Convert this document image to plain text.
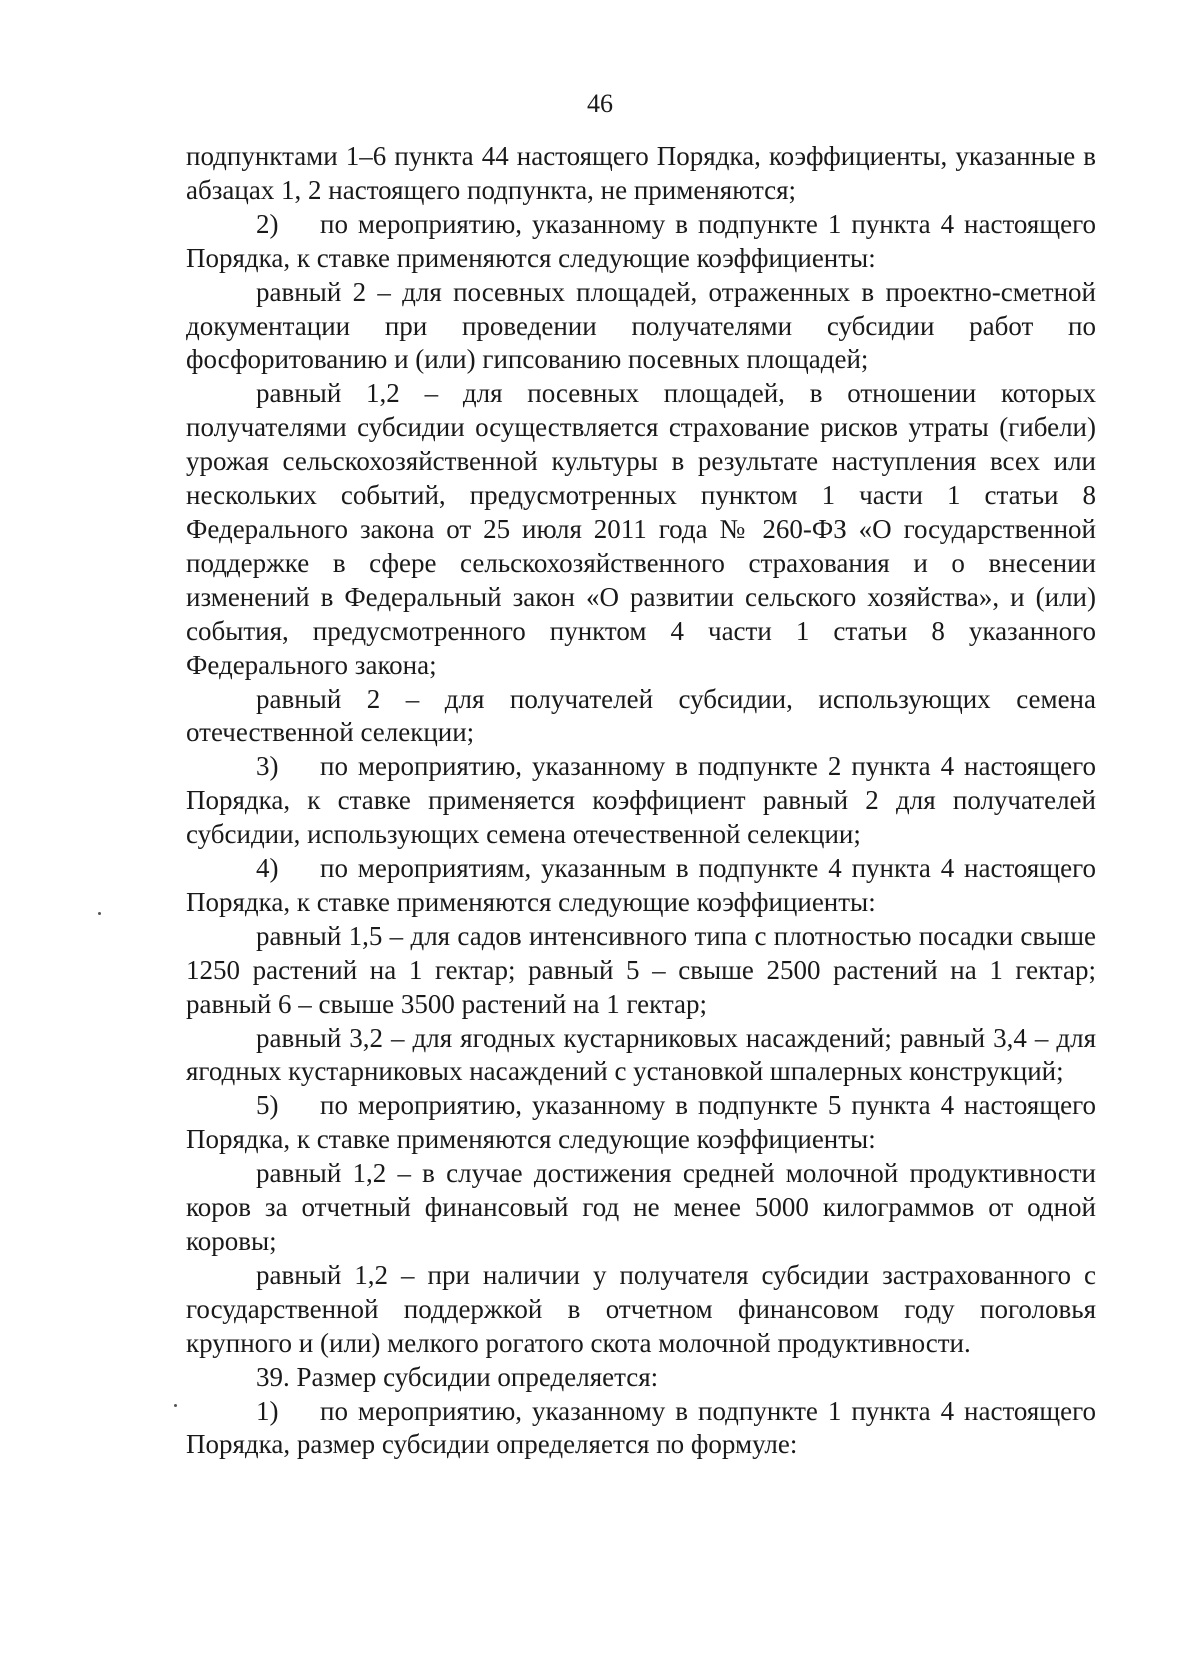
46

подпунктами 1–6 пункта 44 настоящего Порядка, коэффициенты, указанные в абзацах 1, 2 настоящего подпункта, не применяются;

2) по мероприятию, указанному в подпункте 1 пункта 4 настоящего Порядка, к ставке применяются следующие коэффициенты:

равный 2 – для посевных площадей, отраженных в проектно-сметной документации при проведении получателями субсидии работ по фосфоритованию и (или) гипсованию посевных площадей;

равный 1,2 – для посевных площадей, в отношении которых получателями субсидии осуществляется страхование рисков утраты (гибели) урожая сельскохозяйственной культуры в результате наступления всех или нескольких событий, предусмотренных пунктом 1 части 1 статьи 8 Федерального закона от 25 июля 2011 года № 260-ФЗ «О государственной поддержке в сфере сельскохозяйственного страхования и о внесении изменений в Федеральный закон «О развитии сельского хозяйства», и (или) события, предусмотренного пунктом 4 части 1 статьи 8 указанного Федерального закона;

равный 2 – для получателей субсидии, использующих семена отечественной селекции;

3) по мероприятию, указанному в подпункте 2 пункта 4 настоящего Порядка, к ставке применяется коэффициент равный 2 для получателей субсидии, использующих семена отечественной селекции;

4) по мероприятиям, указанным в подпункте 4 пункта 4 настоящего Порядка, к ставке применяются следующие коэффициенты:

равный 1,5 – для садов интенсивного типа с плотностью посадки свыше 1250 растений на 1 гектар; равный 5 – свыше 2500 растений на 1 гектар; равный 6 – свыше 3500 растений на 1 гектар;

равный 3,2 – для ягодных кустарниковых насаждений; равный 3,4 – для ягодных кустарниковых насаждений с установкой шпалерных конструкций;

5) по мероприятию, указанному в подпункте 5 пункта 4 настоящего Порядка, к ставке применяются следующие коэффициенты:

равный 1,2 – в случае достижения средней молочной продуктивности коров за отчетный финансовый год не менее 5000 килограммов от одной коровы;

равный 1,2 – при наличии у получателя субсидии застрахованного с государственной поддержкой в отчетном финансовом году поголовья крупного и (или) мелкого рогатого скота молочной продуктивности.

39. Размер субсидии определяется:

1) по мероприятию, указанному в подпункте 1 пункта 4 настоящего Порядка, размер субсидии определяется по формуле:
